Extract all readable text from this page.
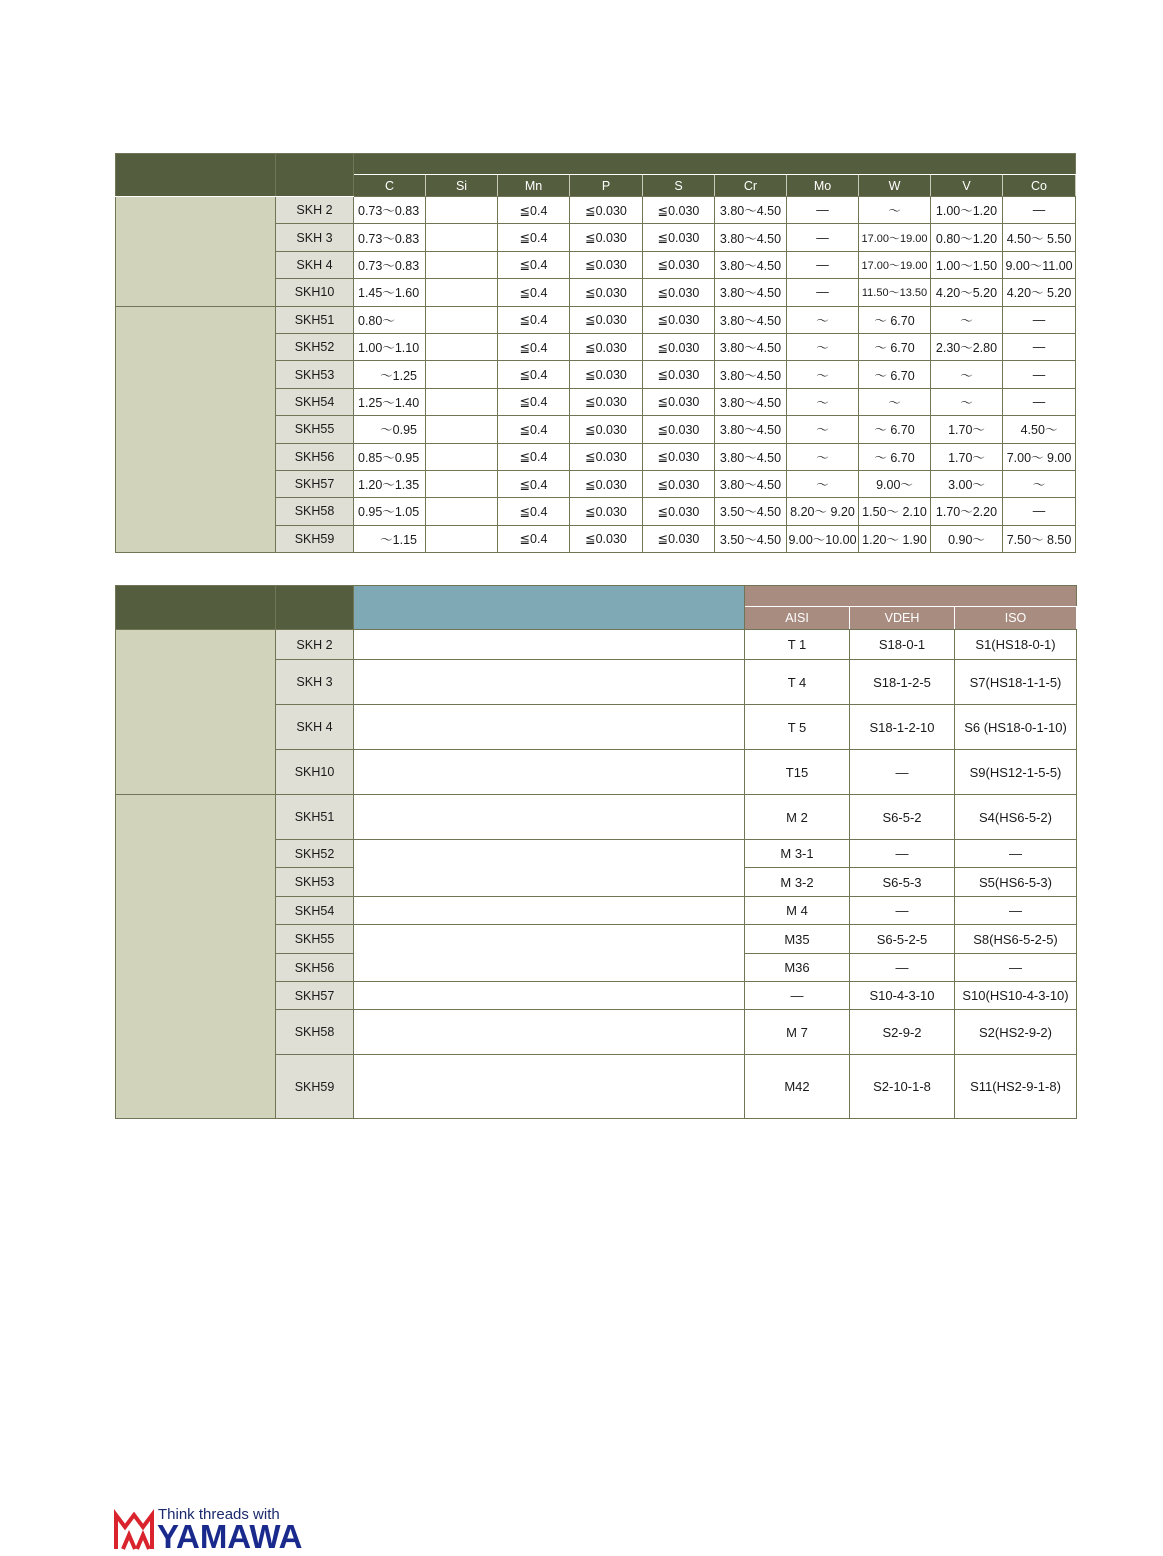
		C	Si	Mn	P	S	Cr	Mo	W	V	Co
	SKH 2	0.73〜0.83		≦0.4	≦0.030	≦0.030	3.80〜4.50	—	〜	1.00〜1.20	—
	SKH 3	0.73〜0.83		≦0.4	≦0.030	≦0.030	3.80〜4.50	—	17.00〜19.00	0.80〜1.20	4.50〜 5.50
	SKH 4	0.73〜0.83		≦0.4	≦0.030	≦0.030	3.80〜4.50	—	17.00〜19.00	1.00〜1.50	9.00〜11.00
	SKH10	1.45〜1.60		≦0.4	≦0.030	≦0.030	3.80〜4.50	—	11.50〜13.50	4.20〜5.20	4.20〜 5.20
	SKH51	0.80〜		≦0.4	≦0.030	≦0.030	3.80〜4.50	〜	〜 6.70	〜	—
	SKH52	1.00〜1.10		≦0.4	≦0.030	≦0.030	3.80〜4.50	〜	〜 6.70	2.30〜2.80	—
	SKH53	〜1.25		≦0.4	≦0.030	≦0.030	3.80〜4.50	〜	〜 6.70	〜	—
	SKH54	1.25〜1.40		≦0.4	≦0.030	≦0.030	3.80〜4.50	〜	〜	〜	—
	SKH55	〜0.95		≦0.4	≦0.030	≦0.030	3.80〜4.50	〜	〜 6.70	1.70〜	4.50〜
	SKH56	0.85〜0.95		≦0.4	≦0.030	≦0.030	3.80〜4.50	〜	〜 6.70	1.70〜	7.00〜 9.00
	SKH57	1.20〜1.35		≦0.4	≦0.030	≦0.030	3.80〜4.50	〜	9.00〜	3.00〜	〜
	SKH58	0.95〜1.05		≦0.4	≦0.030	≦0.030	3.50〜4.50	8.20〜 9.20	1.50〜 2.10	1.70〜2.20	—
	SKH59	〜1.15		≦0.4	≦0.030	≦0.030	3.50〜4.50	9.00〜10.00	1.20〜 1.90	0.90〜	7.50〜 8.50

			AISI	VDEH	ISO
	SKH 2		T 1	S18-0-1	S1(HS18-0-1)
	SKH 3		T 4	S18-1-2-5	S7(HS18-1-1-5)
	SKH 4		T 5	S18-1-2-10	S6 (HS18-0-1-10)
	SKH10		T15	—	S9(HS12-1-5-5)
	SKH51		M 2	S6-5-2	S4(HS6-5-2)
	SKH52		M 3-1	—	—
	SKH53		M 3-2	S6-5-3	S5(HS6-5-3)
	SKH54		M 4	—	—
	SKH55		M35	S6-5-2-5	S8(HS6-5-2-5)
	SKH56		M36	—	—
	SKH57		—	S10-4-3-10	S10(HS10-4-3-10)
	SKH58		M 7	S2-9-2	S2(HS2-9-2)
	SKH59		M42	S2-10-1-8	S11(HS2-9-1-8)
Think threads with
YAMAWA
